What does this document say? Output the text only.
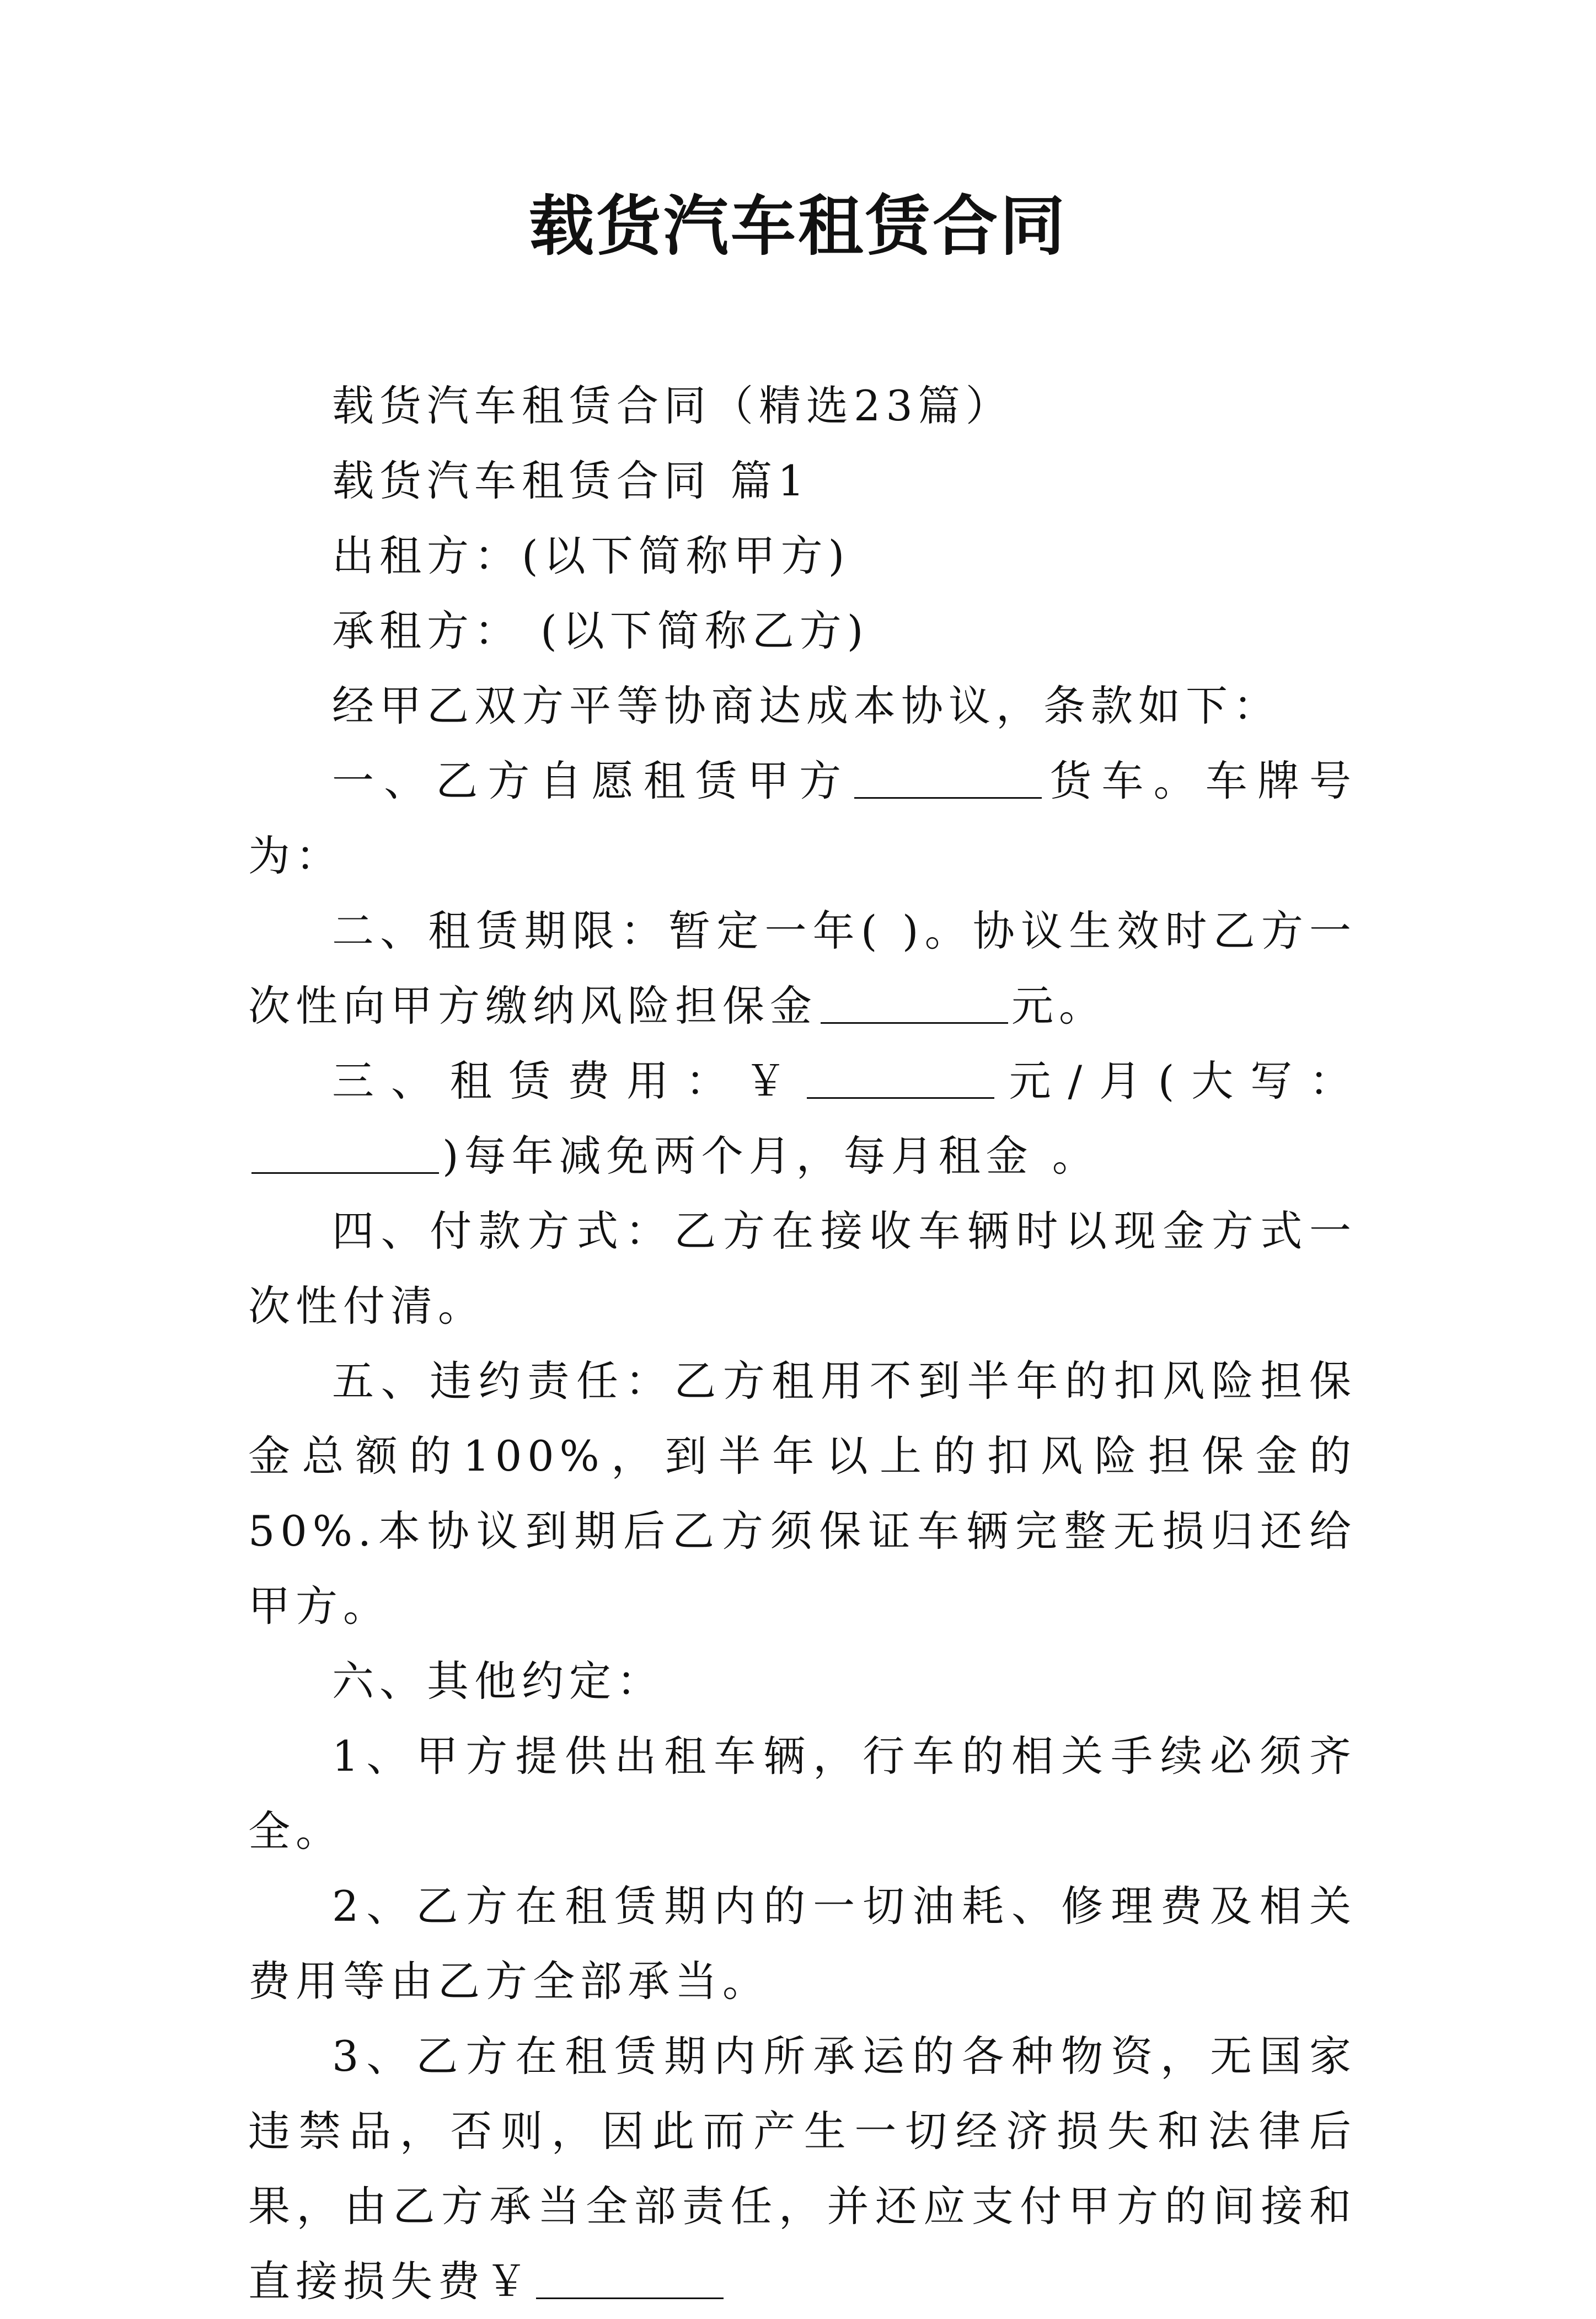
载货汽车租赁合同

载货汽车租赁合同（精选23篇）

载货汽车租赁合同 篇1

出租方：(以下简称甲方)

承租方： (以下简称乙方)

经甲乙双方平等协商达成本协议，条款如下：

一、乙方自愿租赁甲方	货车。车牌号为：

二、租赁期限：暂定一年( )。协议生效时乙方一次性向甲方缴纳风险担保金	元。

三、租赁费用：￥	元/月(大写：)每年减免两个月，每月租金 。

四、付款方式：乙方在接收车辆时以现金方式一次性付清。

五、违约责任：乙方租用不到半年的扣风险担保金总额的100%，到半年以上的扣风险担保金的50%.本协议到期后乙方须保证车辆完整无损归还给甲方。

六、其他约定：

1、甲方提供出租车辆，行车的相关手续必须齐全。

2、乙方在租赁期内的一切油耗、修理费及相关费用等由乙方全部承当。

3、乙方在租赁期内所承运的各种物资，无国家违禁品，否则，因此而产生一切经济损失和法律后果，由乙方承当全部责任，并还应支付甲方的间接和直接损失费￥
